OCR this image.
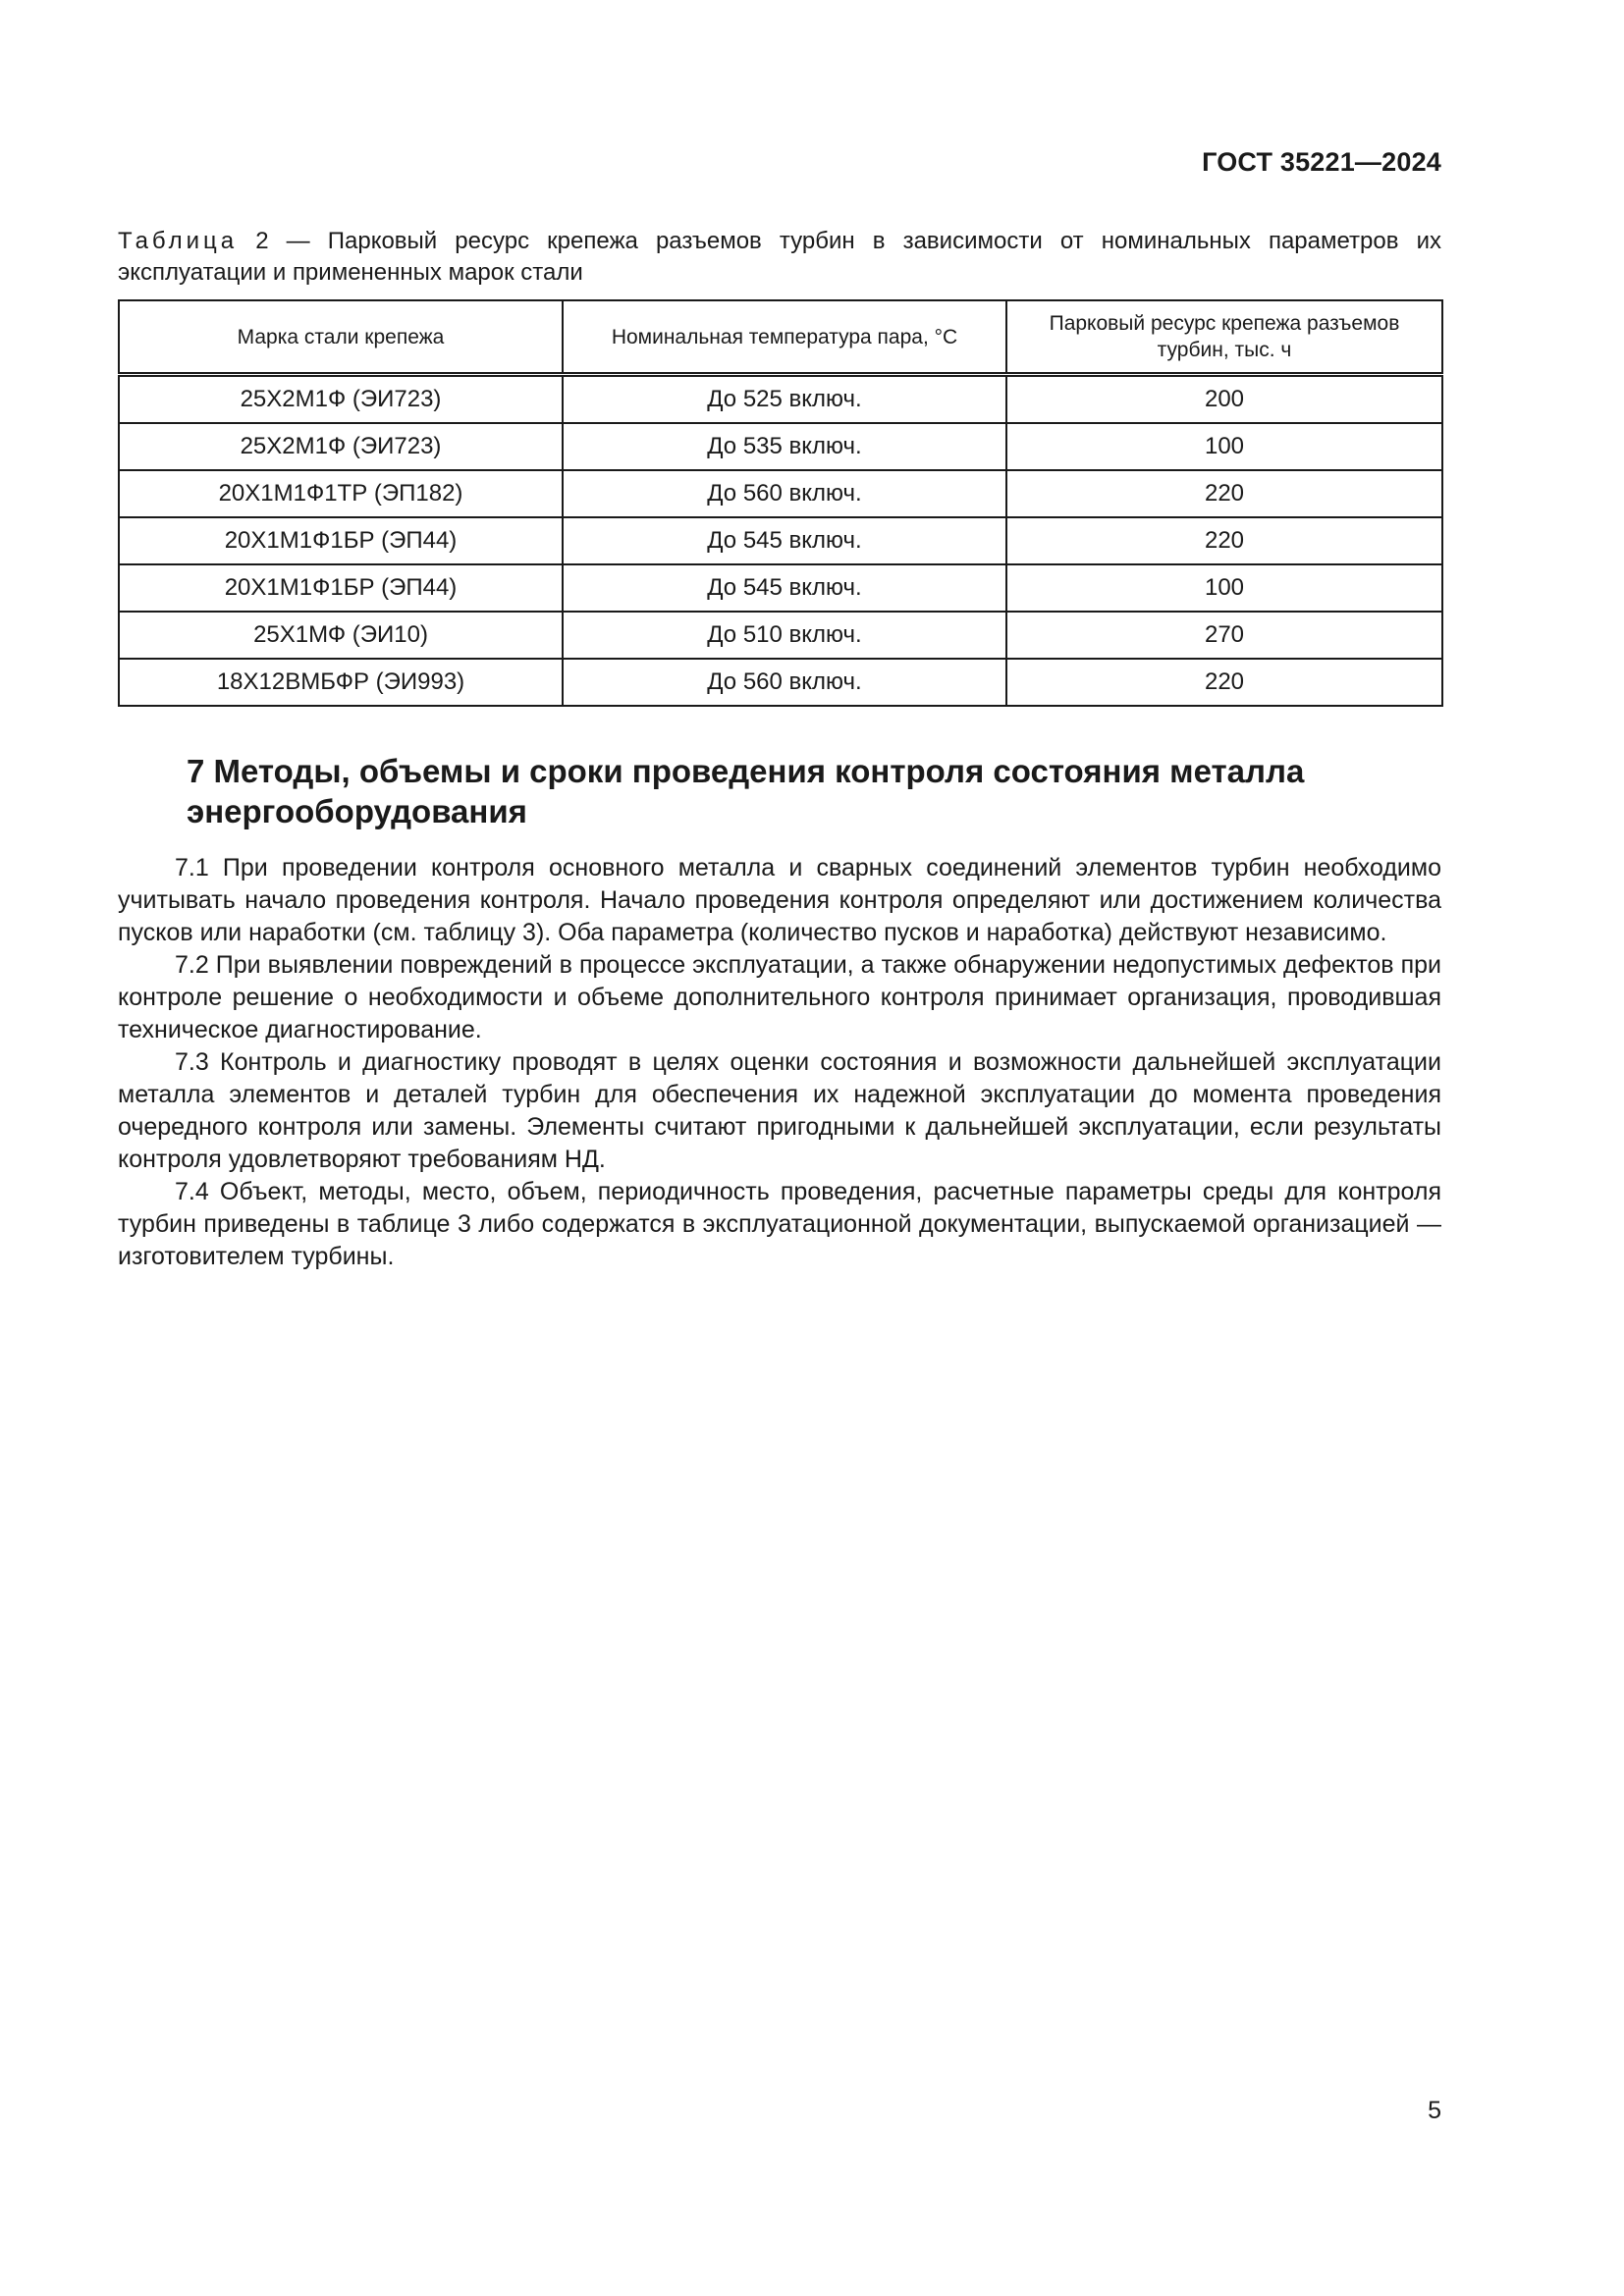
ГОСТ 35221—2024
Таблица 2 — Парковый ресурс крепежа разъемов турбин в зависимости от номинальных параметров их эксплуатации и примененных марок стали
Марка стали крепежа	Номинальная температура пара, °C	Парковый ресурс крепежа разъемов турбин, тыс. ч
25Х2М1Ф (ЭИ723)	До 525 включ.	200
25Х2М1Ф (ЭИ723)	До 535 включ.	100
20Х1М1Ф1ТР (ЭП182)	До 560 включ.	220
20Х1М1Ф1БР (ЭП44)	До 545 включ.	220
20Х1М1Ф1БР (ЭП44)	До 545 включ.	100
25Х1МФ (ЭИ10)	До 510 включ.	270
18Х12ВМБФР (ЭИ993)	До 560 включ.	220
7 Методы, объемы и сроки проведения контроля состояния металла энергооборудования

7.1 При проведении контроля основного металла и сварных соединений элементов турбин необходимо учитывать начало проведения контроля. Начало проведения контроля определяют или достижением количества пусков или наработки (см. таблицу 3). Оба параметра (количество пусков и наработка) действуют независимо.

7.2 При выявлении повреждений в процессе эксплуатации, а также обнаружении недопустимых дефектов при контроле решение о необходимости и объеме дополнительного контроля принимает организация, проводившая техническое диагностирование.

7.3 Контроль и диагностику проводят в целях оценки состояния и возможности дальнейшей эксплуатации металла элементов и деталей турбин для обеспечения их надежной эксплуатации до момента проведения очередного контроля или замены. Элементы считают пригодными к дальнейшей эксплуатации, если результаты контроля удовлетворяют требованиям НД.

7.4 Объект, методы, место, объем, периодичность проведения, расчетные параметры среды для контроля турбин приведены в таблице 3 либо содержатся в эксплуатационной документации, выпускаемой организацией — изготовителем турбины.

5
